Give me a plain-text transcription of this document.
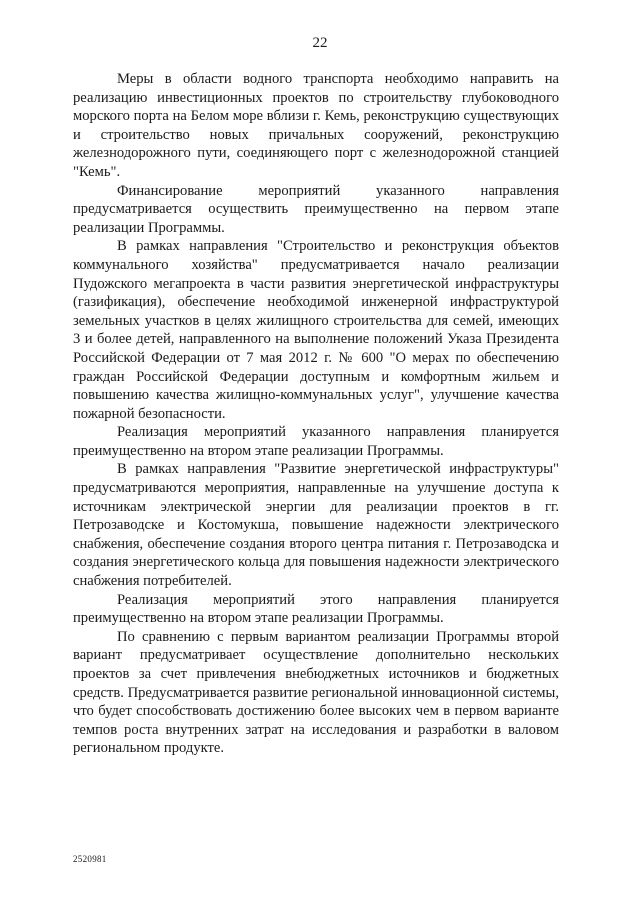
22

Меры в области водного транспорта необходимо направить на реализацию инвестиционных проектов по строительству глубоководного морского порта на Белом море вблизи г. Кемь, реконструкцию существующих и строительство новых причальных сооружений, реконструкцию железнодорожного пути, соединяющего порт с железнодорожной станцией "Кемь".

Финансирование мероприятий указанного направления предусматривается осуществить преимущественно на первом этапе реализации Программы.

В рамках направления "Строительство и реконструкция объектов коммунального хозяйства" предусматривается начало реализации Пудожского мегапроекта в части развития энергетической инфраструктуры (газификация), обеспечение необходимой инженерной инфраструктурой земельных участков в целях жилищного строительства для семей, имеющих 3 и более детей, направленного на выполнение положений Указа Президента Российской Федерации от 7 мая 2012 г. № 600 "О мерах по обеспечению граждан Российской Федерации доступным и комфортным жильем и повышению качества жилищно-коммунальных услуг", улучшение качества пожарной безопасности.

Реализация мероприятий указанного направления планируется преимущественно на втором этапе реализации Программы.

В рамках направления "Развитие энергетической инфраструктуры" предусматриваются мероприятия, направленные на улучшение доступа к источникам электрической энергии для реализации проектов в гг. Петрозаводске и Костомукша, повышение надежности электрического снабжения, обеспечение создания второго центра питания г. Петрозаводска и создания энергетического кольца для повышения надежности электрического снабжения потребителей.

Реализация мероприятий этого направления планируется преимущественно на втором этапе реализации Программы.

По сравнению с первым вариантом реализации Программы второй вариант предусматривает осуществление дополнительно нескольких проектов за счет привлечения внебюджетных источников и бюджетных средств. Предусматривается развитие региональной инновационной системы, что будет способствовать достижению более высоких чем в первом варианте темпов роста внутренних затрат на исследования и разработки в валовом региональном продукте.

2520981
